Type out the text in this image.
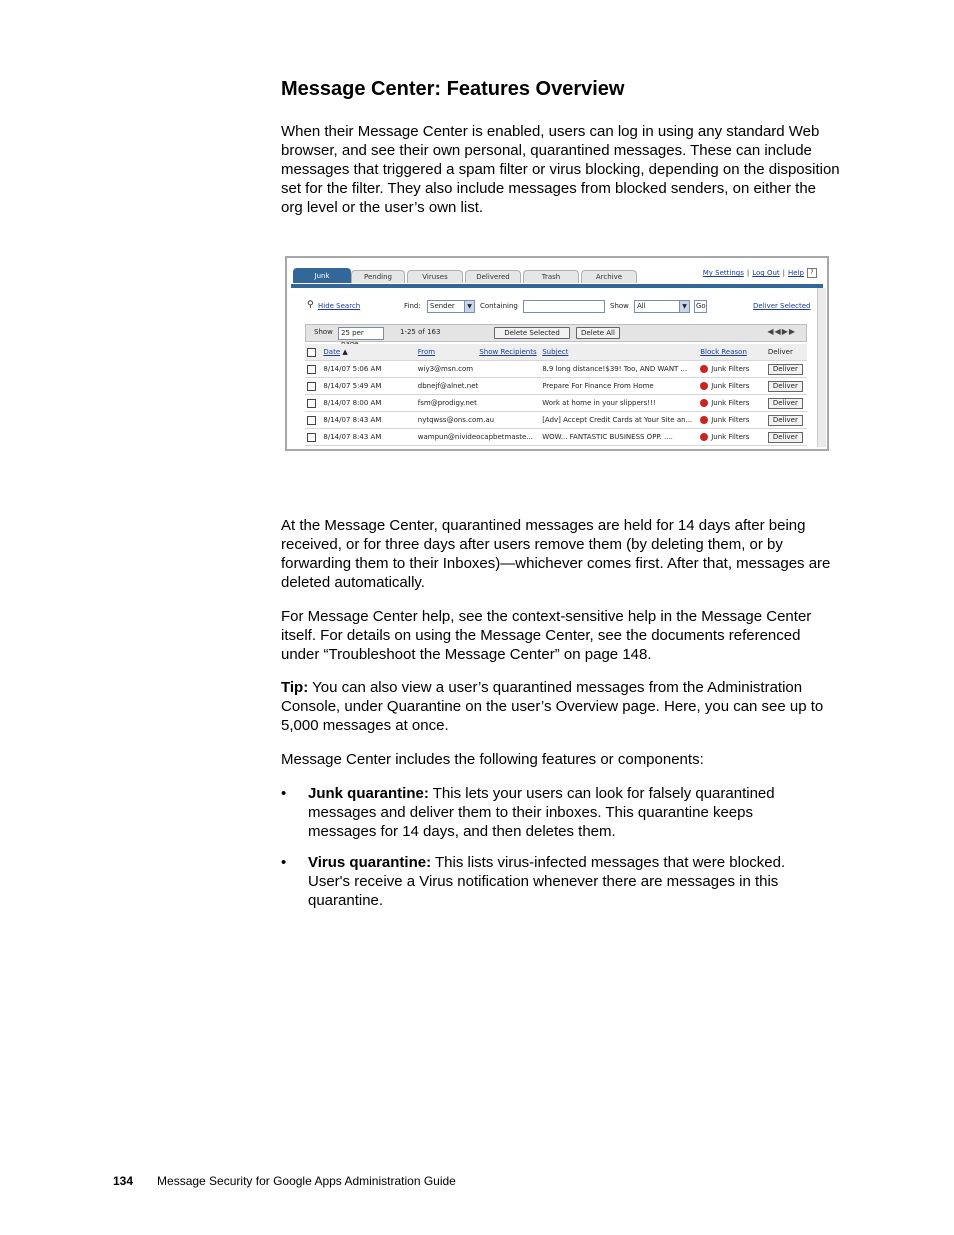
Message Center: Features Overview

When their Message Center is enabled, users can log in using any standard Web browser, and see their own personal, quarantined messages. These can include messages that triggered a spam filter or virus blocking, depending on the disposition set for the filter. They also include messages from blocked senders, on either the org level or the user’s own list.

Junk	Pending	Viruses	Delivered	Trash	Archive	My Settings | Log Out | Help ?
⚲ Hide Search	Find:	Sender	▼	Containing	Show	All	▼	Go	Deliver Selected
Show	25 per	1-25 of 163	Delete Selected	Delete All	◀◀▶▶
	Date ▲	From	Show Recipients	Subject	Block Reason	Deliver
	8/14/07 5:06 AM	wiy3@msn.com		8.9 long distance!$39! Too, AND WANT ...	Junk Filters	Deliver
	8/14/07 5:49 AM	dbnejf@alnet.net		Prepare For Finance From Home	Junk Filters	Deliver
	8/14/07 8:00 AM	fsm@prodigy.net		Work at home in your slippers!!!	Junk Filters	Deliver
	8/14/07 8:43 AM	nytqwss@ons.com.au		[Adv] Accept Credit Cards at Your Site an...	Junk Filters	Deliver
	8/14/07 8:43 AM	wampun@nivideocapbetmaste...		WOW... FANTASTIC BUSINESS OPP. ....	Junk Filters	Deliver

At the Message Center, quarantined messages are held for 14 days after being received, or for three days after users remove them (by deleting them, or by forwarding them to their Inboxes)—whichever comes first. After that, messages are deleted automatically.

For Message Center help, see the context-sensitive help in the Message Center itself. For details on using the Message Center, see the documents referenced under “Troubleshoot the Message Center” on page 148.

Tip: You can also view a user’s quarantined messages from the Administration Console, under Quarantine on the user’s Overview page. Here, you can see up to 5,000 messages at once.

Message Center includes the following features or components:

• Junk quarantine: This lets your users can look for falsely quarantined messages and deliver them to their inboxes. This quarantine keeps messages for 14 days, and then deletes them.
• Virus quarantine: This lists virus-infected messages that were blocked. User's receive a Virus notification whenever there are messages in this quarantine.
134 Message Security for Google Apps Administration Guide
